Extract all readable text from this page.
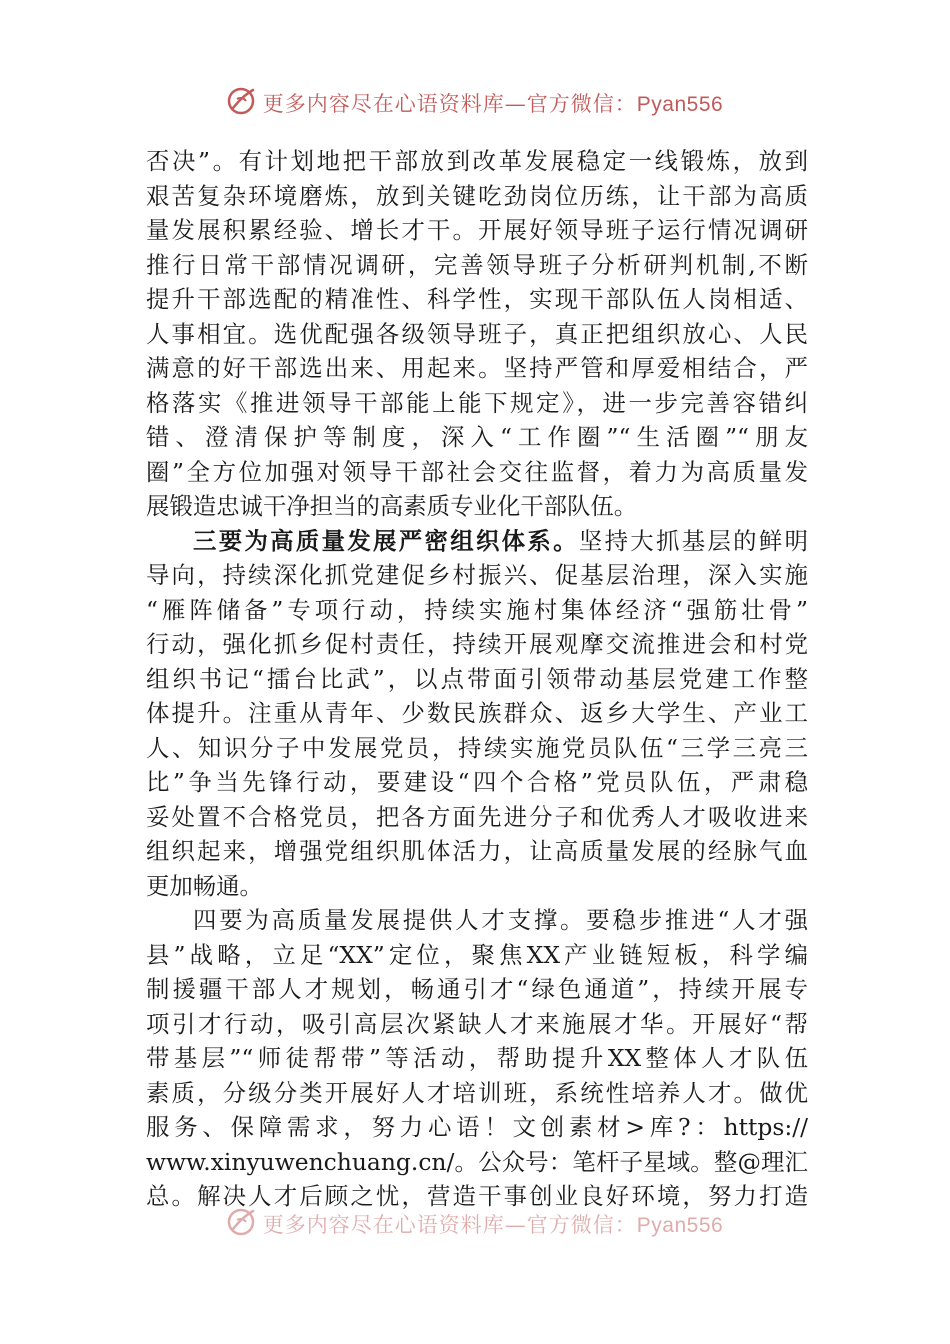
更多内容尽在心语资料库—官方微信：Pyan556
否决”。有计划地把干部放到改革发展稳定一线锻炼，放到
艰苦复杂环境磨炼，放到关键吃劲岗位历练，让干部为高质
量发展积累经验、增长才干。开展好领导班子运行情况调研
推行日常干部情况调研，完善领导班子分析研判机制,不断
提升干部选配的精准性、科学性，实现干部队伍人岗相适、
人事相宜。选优配强各级领导班子，真正把组织放心、人民
满意的好干部选出来、用起来。坚持严管和厚爱相结合，严
格落实《推进领导干部能上能下规定》，进一步完善容错纠
错、澄清保护等制度，深入“工作圈”“生活圈”“朋友
圈”全方位加强对领导干部社会交往监督，着力为高质量发
展锻造忠诚干净担当的高素质专业化干部队伍。
三要为高质量发展严密组织体系。坚持大抓基层的鲜明
导向，持续深化抓党建促乡村振兴、促基层治理，深入实施
“雁阵储备”专项行动，持续实施村集体经济“强筋壮骨”
行动，强化抓乡促村责任，持续开展观摩交流推进会和村党
组织书记“擂台比武”，以点带面引领带动基层党建工作整
体提升。注重从青年、少数民族群众、返乡大学生、产业工
人、知识分子中发展党员，持续实施党员队伍“三学三亮三
比”争当先锋行动，要建设“四个合格”党员队伍，严肃稳
妥处置不合格党员，把各方面先进分子和优秀人才吸收进来
组织起来，增强党组织肌体活力，让高质量发展的经脉气血
更加畅通。
四要为高质量发展提供人才支撑。要稳步推进“人才强
县”战略，立足“XX”定位，聚焦XX产业链短板，科学编
制援疆干部人才规划，畅通引才“绿色通道”，持续开展专
项引才行动，吸引高层次紧缺人才来施展才华。开展好“帮
带基层”“师徒帮带”等活动，帮助提升XX整体人才队伍
素质，分级分类开展好人才培训班，系统性培养人才。做优
服务、保障需求，努力心语！文创素材>库?：https://
www.xinyuwenchuang.cn/。公众号：笔杆子星域。整@理汇
总。解决人才后顾之忧，营造干事创业良好环境，努力打造
更多内容尽在心语资料库—官方微信：Pyan556
